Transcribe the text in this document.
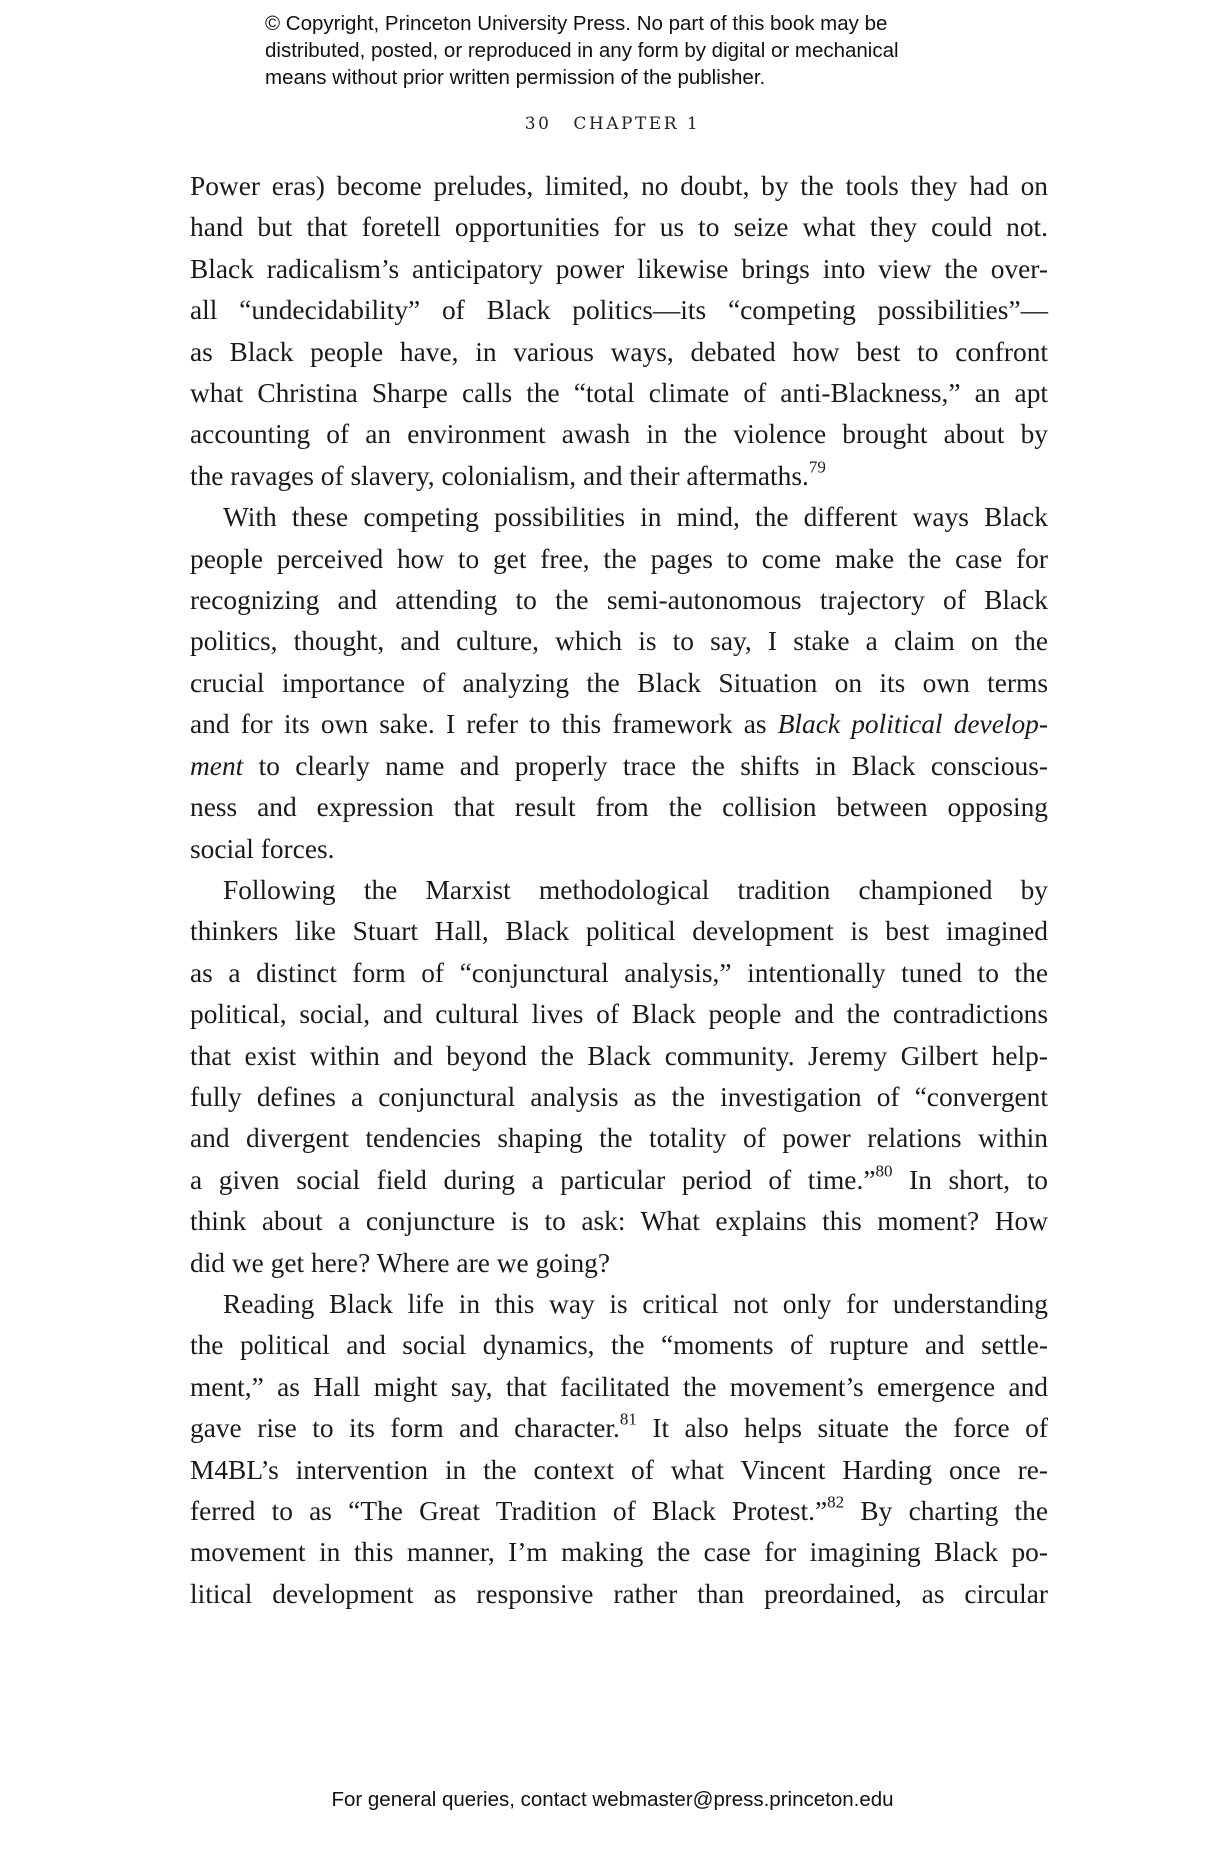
© Copyright, Princeton University Press. No part of this book may be
distributed, posted, or reproduced in any form by digital or mechanical
means without prior written permission of the publisher.
30 CHAPTER 1

Power eras) become preludes, limited, no doubt, by the tools they had on
hand but that foretell opportunities for us to seize what they could not.
Black radicalism’s anticipatory power likewise brings into view the over-
all “undecidability” of Black politics—its “competing possibilities”—
as Black people have, in various ways, debated how best to confront
what Christina Sharpe calls the “total climate of anti-Blackness,” an apt
accounting of an environment awash in the violence brought about by
the ravages of slavery, colonialism, and their aftermaths.$^{79}$

With these competing possibilities in mind, the different ways Black
people perceived how to get free, the pages to come make the case for
recognizing and attending to the semi-autonomous trajectory of Black
politics, thought, and culture, which is to say, I stake a claim on the
crucial importance of analyzing the Black Situation on its own terms
and for its own sake. I refer to this framework as Black political develop-
ment to clearly name and properly trace the shifts in Black conscious-
ness and expression that result from the collision between opposing
social forces.

Following the Marxist methodological tradition championed by
thinkers like Stuart Hall, Black political development is best imagined
as a distinct form of “conjunctural analysis,” intentionally tuned to the
political, social, and cultural lives of Black people and the contradictions
that exist within and beyond the Black community. Jeremy Gilbert help-
fully defines a conjunctural analysis as the investigation of “convergent
and divergent tendencies shaping the totality of power relations within
a given social field during a particular period of time.”$^{80}$ In short, to
think about a conjuncture is to ask: What explains this moment? How
did we get here? Where are we going?

Reading Black life in this way is critical not only for understanding
the political and social dynamics, the “moments of rupture and settle-
ment,” as Hall might say, that facilitated the movement’s emergence and
gave rise to its form and character.$^{81}$ It also helps situate the force of
M4BL’s intervention in the context of what Vincent Harding once re-
ferred to as “The Great Tradition of Black Protest.”$^{82}$ By charting the
movement in this manner, I’m making the case for imagining Black po-
litical development as responsive rather than preordained, as circular

For general queries, contact webmaster@press.princeton.edu
